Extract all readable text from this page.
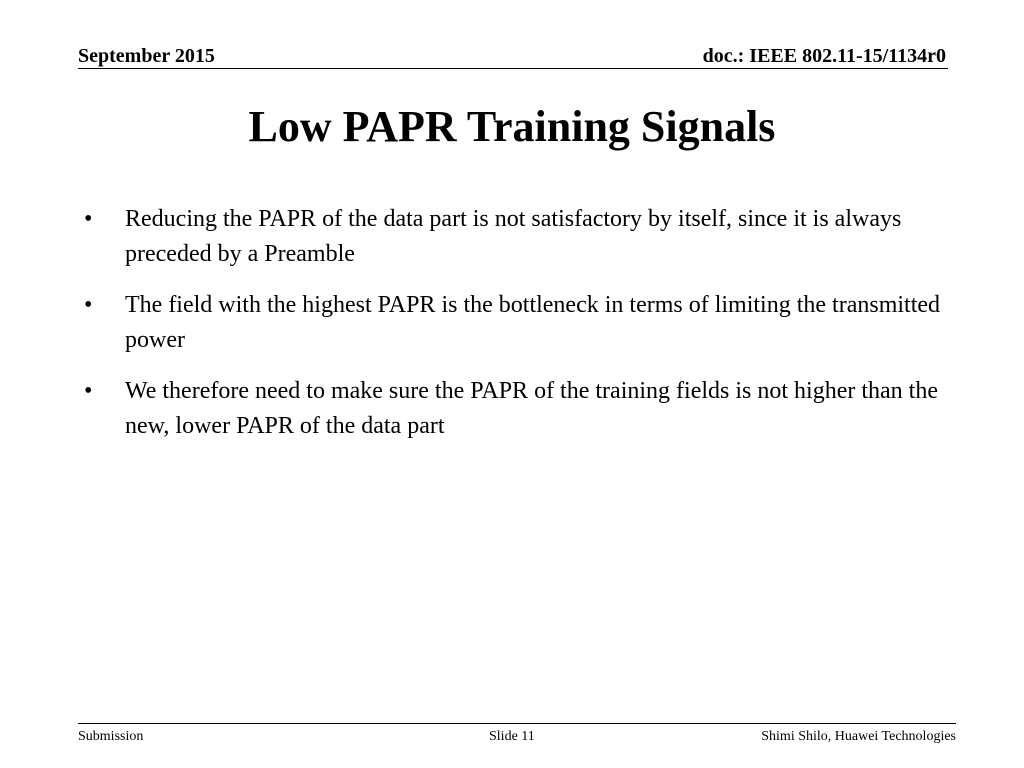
September 2015	doc.: IEEE 802.11-15/1134r0
Low PAPR Training Signals
•	Reducing the PAPR of the data part is not satisfactory by itself, since it is always preceded by a Preamble
•	The field with the highest PAPR is the bottleneck in terms of limiting the transmitted power
•	We therefore need to make sure the PAPR of the training fields is not higher than the new, lower PAPR of the data part
Submission	Slide 11	Shimi Shilo, Huawei Technologies
